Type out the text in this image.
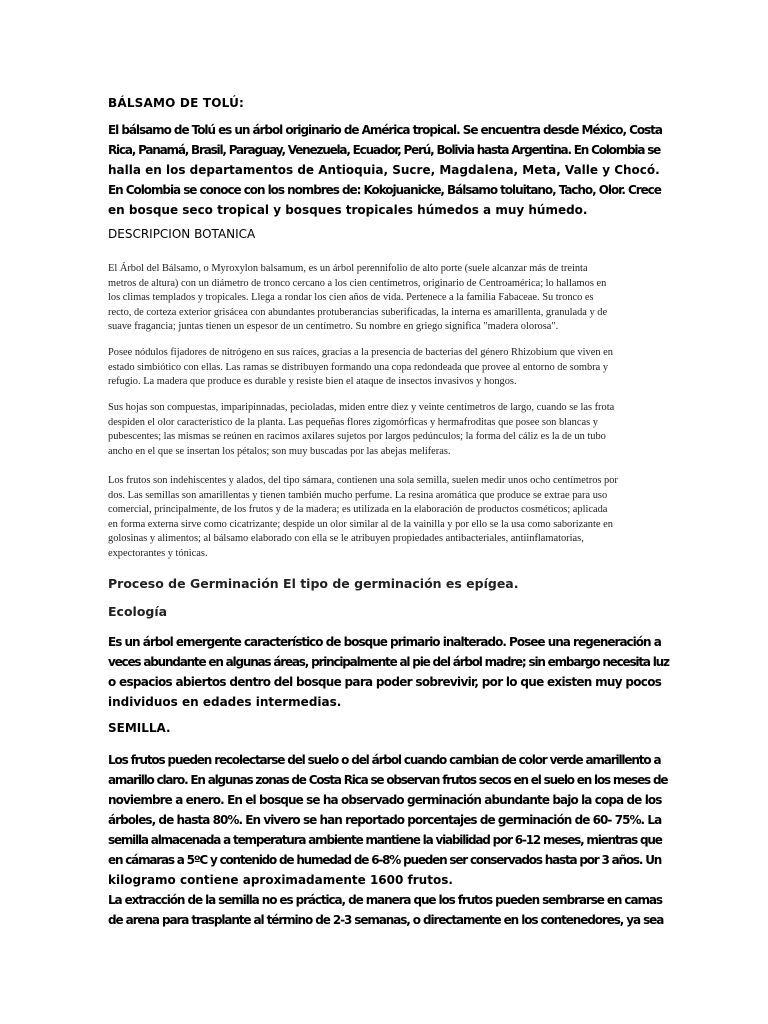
BÁLSAMO DE TOLÚ:
El bálsamo de Tolú es un árbol originario de América tropical. Se encuentra desde México, Costa
Rica, Panamá, Brasil, Paraguay, Venezuela, Ecuador, Perú, Bolivia hasta Argentina. En Colombia se
halla en los departamentos de Antioquia, Sucre, Magdalena, Meta, Valle y Chocó.
En Colombia se conoce con los nombres de: Kokojuanicke, Bálsamo toluitano, Tacho, Olor. Crece
en bosque seco tropical y bosques tropicales húmedos a muy húmedo.
DESCRIPCION BOTANICA
El Árbol del Bálsamo, o Myroxylon balsamum, es un árbol perennifolio de alto porte (suele alcanzar más de treinta
metros de altura) con un diámetro de tronco cercano a los cien centímetros, originario de Centroamérica; lo hallamos en
los climas templados y tropicales. Llega a rondar los cien años de vida. Pertenece a la familia Fabaceae. Su tronco es
recto, de corteza exterior grisácea con abundantes protuberancias suberificadas, la interna es amarillenta, granulada y de
suave fragancia; juntas tienen un espesor de un centímetro. Su nombre en griego significa "madera olorosa".
Posee nódulos fijadores de nitrógeno en sus raíces, gracias a la presencia de bacterias del género Rhizobium que viven en
estado simbiótico con ellas. Las ramas se distribuyen formando una copa redondeada que provee al entorno de sombra y
refugio. La madera que produce es durable y resiste bien el ataque de insectos invasivos y hongos.
Sus hojas son compuestas, imparipinnadas, pecioladas, miden entre diez y veinte centímetros de largo, cuando se las frota
despiden el olor característico de la planta. Las pequeñas flores zigomórficas y hermafroditas que posee son blancas y
pubescentes; las mismas se reúnen en racimos axilares sujetos por largos pedúnculos; la forma del cáliz es la de un tubo
ancho en el que se insertan los pétalos; son muy buscadas por las abejas meliferas.
Los frutos son indehiscentes y alados, del tipo sámara, contienen una sola semilla, suelen medir unos ocho centímetros por
dos. Las semillas son amarillentas y tienen también mucho perfume. La resina aromática que produce se extrae para uso
comercial, principalmente, de los frutos y de la madera; es utilizada en la elaboración de productos cosméticos; aplicada
en forma externa sirve como cicatrizante; despide un olor similar al de la vainilla y por ello se la usa como saborizante en
golosinas y alimentos; al bálsamo elaborado con ella se le atribuyen propiedades antibacteriales, antiinflamatorias,
expectorantes y tónicas.
Proceso de Germinación El tipo de germinación es epígea.
Ecología
Es un árbol emergente característico de bosque primario inalterado. Posee una regeneración a
veces abundante en algunas áreas, principalmente al pie del árbol madre; sin embargo necesita luz
o espacios abiertos dentro del bosque para poder sobrevivir, por lo que existen muy pocos
individuos en edades intermedias.
SEMILLA.
Los frutos pueden recolectarse del suelo o del árbol cuando cambian de color verde amarillento a
amarillo claro. En algunas zonas de Costa Rica se observan frutos secos en el suelo en los meses de
noviembre a enero. En el bosque se ha observado germinación abundante bajo la copa de los
árboles, de hasta 80%. En vivero se han reportado porcentajes de germinación de 60- 75%. La
semilla almacenada a temperatura ambiente mantiene la viabilidad por 6-12 meses, mientras que
en cámaras a 5ºC y contenido de humedad de 6-8% pueden ser conservados hasta por 3 años. Un
kilogramo contiene aproximadamente 1600 frutos.
La extracción de la semilla no es práctica, de manera que los frutos pueden sembrarse en camas
de arena para trasplante al término de 2-3 semanas, o directamente en los contenedores, ya sea
